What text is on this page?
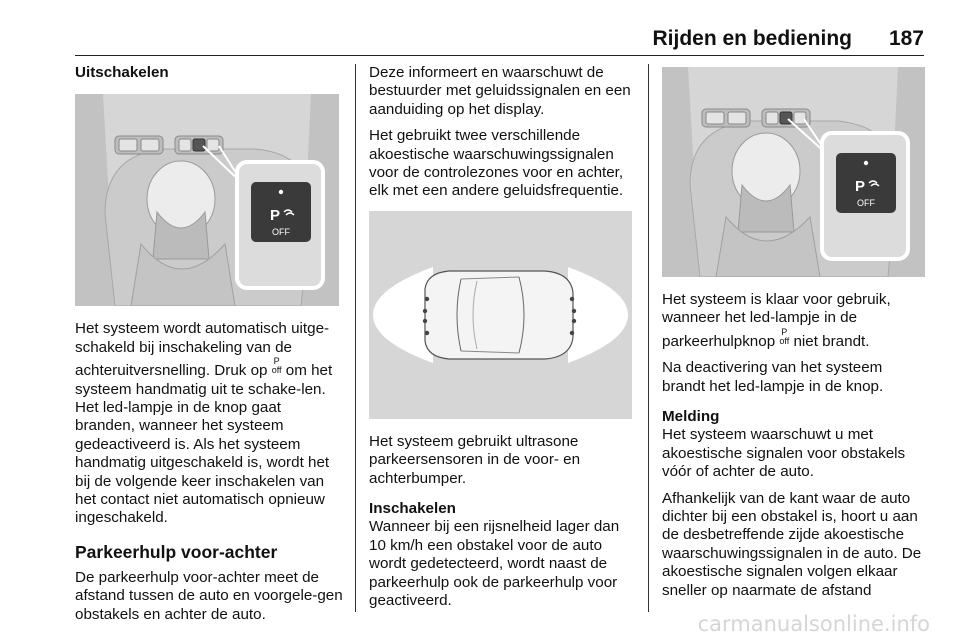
Rijden en bediening 187

Uitschakelen

P
OFF

Het systeem wordt automatisch uitge-schakeld bij inschakeling van de achteruitversnelling. Druk op P
off om het systeem handmatig uit te schake-len. Het led-lampje in de knop gaat branden, wanneer het systeem gedeactiveerd is. Als het systeem handmatig uitgeschakeld is, wordt het bij de volgende keer inschakelen van het contact niet automatisch opnieuw ingeschakeld.

Parkeerhulp voor-achter

De parkeerhulp voor-achter meet de afstand tussen de auto en voorgele-gen obstakels en achter de auto.

Deze informeert en waarschuwt de bestuurder met geluidssignalen en een aanduiding op het display.

Het gebruikt twee verschillende akoestische waarschuwingssignalen voor de controlezones voor en achter, elk met een andere geluidsfrequentie.

Het systeem gebruikt ultrasone parkeersensoren in de voor- en achterbumper.

Inschakelen

Wanneer bij een rijsnelheid lager dan 10 km/h een obstakel voor de auto wordt gedetecteerd, wordt naast de parkeerhulp ook de parkeerhulp voor geactiveerd.

P
OFF

Het systeem is klaar voor gebruik, wanneer het led-lampje in de parkeerhulpknop P
off niet brandt.

Na deactivering van het systeem brandt het led-lampje in de knop.

Melding

Het systeem waarschuwt u met akoestische signalen voor obstakels vóór of achter de auto.

Afhankelijk van de kant waar de auto dichter bij een obstakel is, hoort u aan de desbetreffende zijde akoestische waarschuwingssignalen in de auto. De akoestische signalen volgen elkaar sneller op naarmate de afstand

carmanualsonline.info
